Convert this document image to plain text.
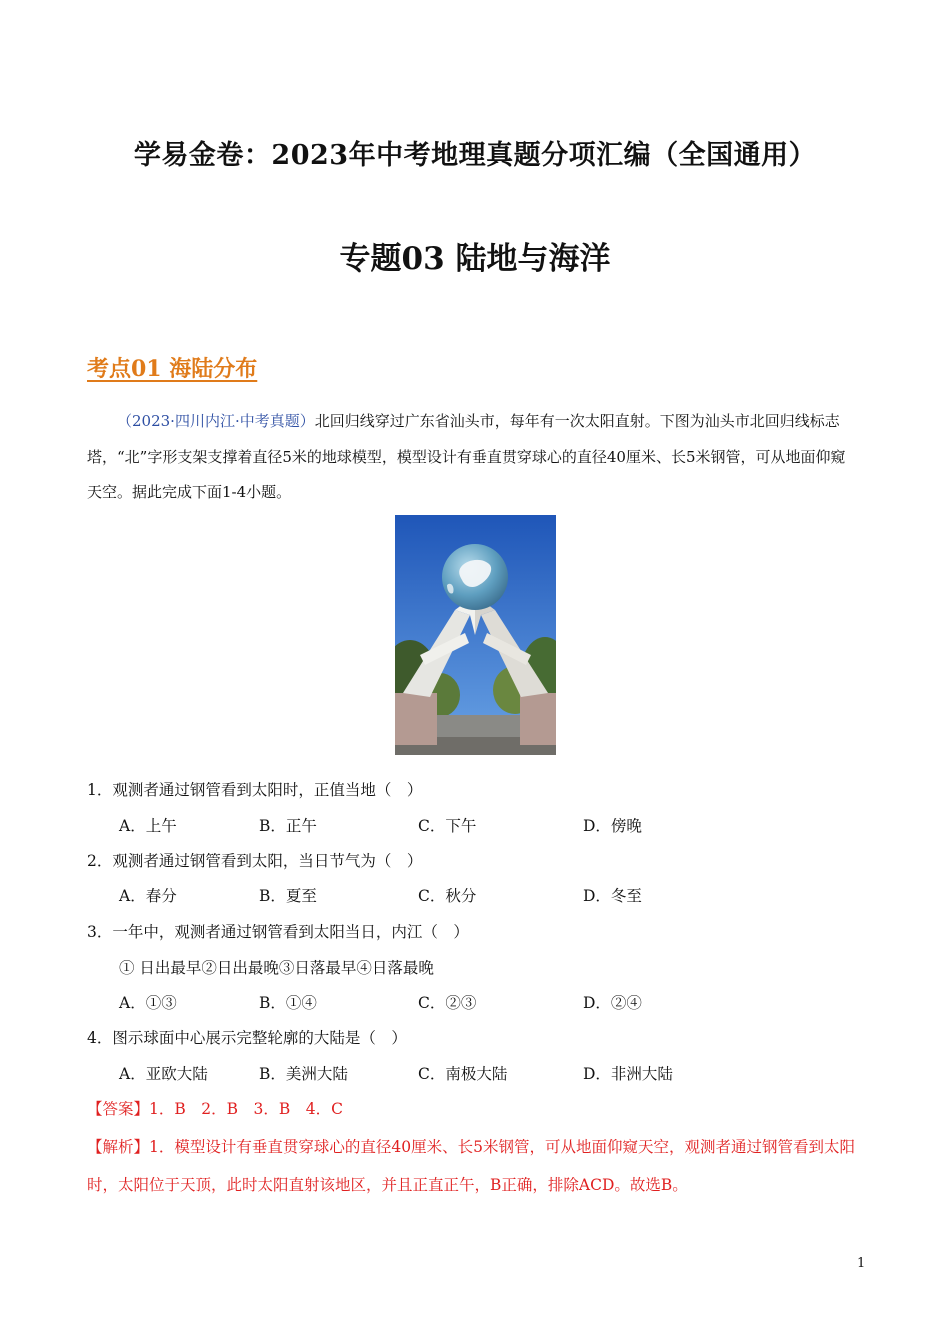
学易金卷：2023年中考地理真题分项汇编（全国通用）
专题03 陆地与海洋
考点01 海陆分布
（2023·四川内江·中考真题）北回归线穿过广东省汕头市，每年有一次太阳直射。下图为汕头市北回归线标志塔，“北”字形支架支撑着直径5米的地球模型，模型设计有垂直贯穿球心的直径40厘米、长5米钢管，可从地面仰窥天空。据此完成下面1-4小题。
1．观测者通过钢管看到太阳时，正值当地（　）
A．上午	B．正午	C．下午	D．傍晚
2．观测者通过钢管看到太阳，当日节气为（　）
A．春分	B．夏至	C．秋分	D．冬至
3．一年中，观测者通过钢管看到太阳当日，内江（　）
① 日出最早②日出最晚③日落最早④日落最晚
A．①③	B．①④	C．②③	D．②④
4．图示球面中心展示完整轮廓的大陆是（　）
A．亚欧大陆	B．美洲大陆	C．南极大陆	D．非洲大陆
【答案】1．B　2．B　3．B　4．C
【解析】1．模型设计有垂直贯穿球心的直径40厘米、长5米钢管，可从地面仰窥天空，观测者通过钢管看到太阳时，太阳位于天顶，此时太阳直射该地区，并且正直正午，B正确，排除ACD。故选B。
1
